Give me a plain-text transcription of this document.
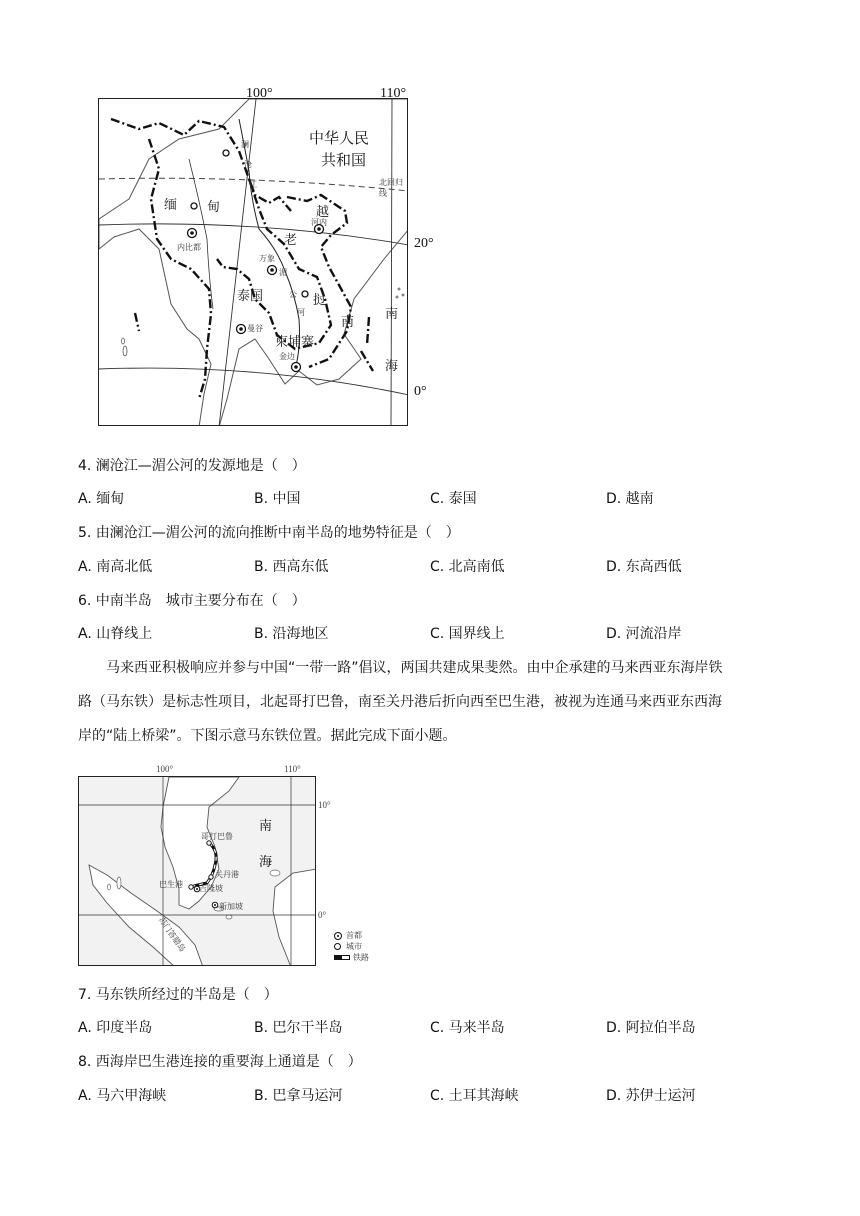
100°	110°
20°
0°
北回归线
中华人民
共和国
缅 甸
老
挝
泰国
越
南
柬埔寨
南
海
澜
沧
江
湄
公
河
内比都
河内
万象
曼谷
金边
4. 澜沧江—湄公河的发源地是（　）
A. 缅甸	B. 中国	C. 泰国	D. 越南
5. 由澜沧江—湄公河的流向推断中南半岛的地势特征是（　）
A. 南高北低	B. 西高东低	C. 北高南低	D. 东高西低
6. 中南半岛　城市主要分布在（　）
A. 山脊线上	B. 沿海地区	C. 国界线上	D. 河流沿岸
马来西亚积极响应并参与中国“一带一路”倡议，两国共建成果斐然。由中企承建的马来西亚东海岸铁
路（马东铁）是标志性项目，北起哥打巴鲁，南至关丹港后折向西至巴生港，被视为连通马来西亚东西海
岸的“陆上桥梁”。下图示意马东铁位置。据此完成下面小题。
100°	110°
10°
0°
南
海
哥打巴鲁
关丹港
巴生港 吉隆坡
新加坡
苏门答腊岛	首都
城市
铁路
7. 马东铁所经过的半岛是（　）
A. 印度半岛	B. 巴尔干半岛	C. 马来半岛	D. 阿拉伯半岛
8. 西海岸巴生港连接的重要海上通道是（　）
A. 马六甲海峡	B. 巴拿马运河	C. 土耳其海峡	D. 苏伊士运河
